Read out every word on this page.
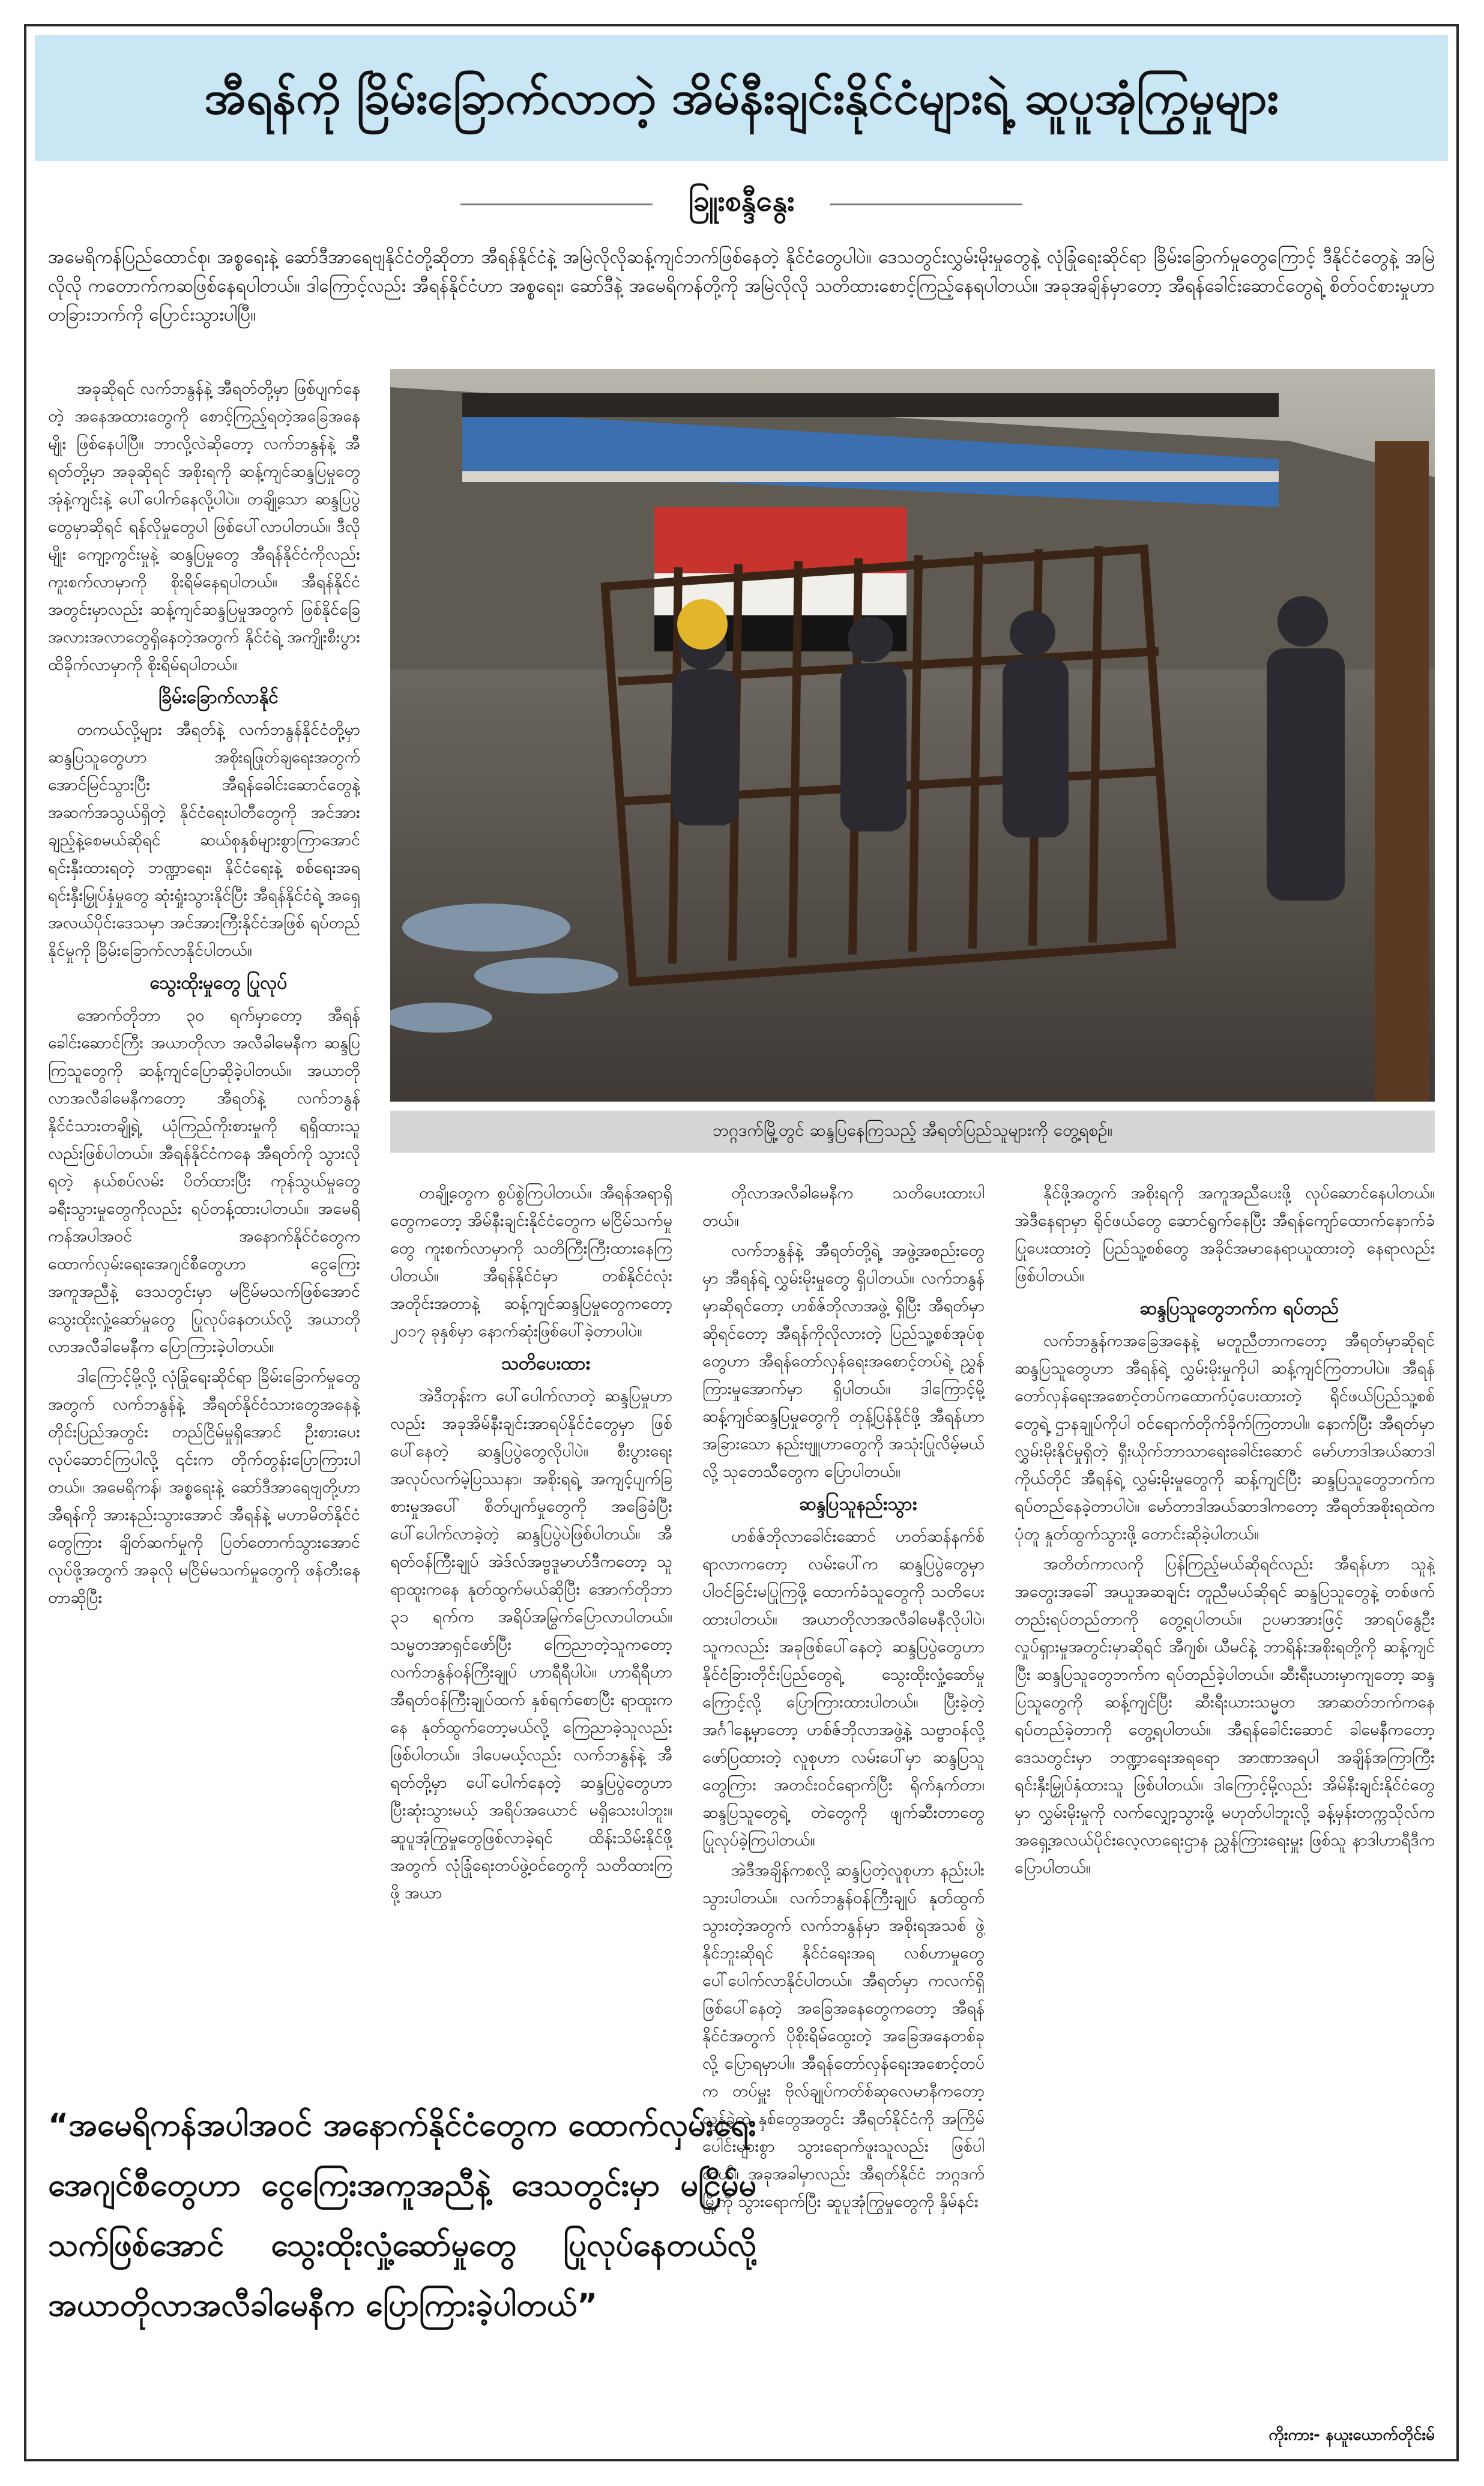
အီရန်ကို ခြိမ်းခြောက်လာတဲ့ အိမ်နီးချင်းနိုင်ငံများရဲ့ ဆူပူအုံကြွမှုများ
ခြူးစန္ဒီနွေး
အမေရိကန်ပြည်ထောင်စု၊ အစ္စရေးနဲ့ ဆော်ဒီအာရေဗျနိုင်ငံတို့ဆိုတာ အီရန်နိုင်ငံနဲ့ အမြဲလိုလိုဆန့်ကျင်ဘက်ဖြစ်နေတဲ့ နိုင်ငံတွေပါပဲ။ ဒေသတွင်းလွှမ်းမိုးမှုတွေနဲ့ လုံခြုံရေးဆိုင်ရာ ခြိမ်းခြောက်မှုတွေကြောင့် ဒီနိုင်ငံတွေနဲ့ အမြဲလိုလို ကတောက်ကဆဖြစ်နေရပါတယ်။ ဒါကြောင့်လည်း အီရန်နိုင်ငံဟာ အစ္စရေး၊ ဆော်ဒီနဲ့ အမေရိကန်တို့ကို အမြဲလိုလို သတိထားစောင့်ကြည့်နေရပါတယ်။ အခုအချိန်မှာတော့ အီရန်ခေါင်းဆောင်တွေရဲ့ စိတ်ဝင်စားမှုဟာ တခြားဘက်ကို ပြောင်းသွားပါပြီ။

အခုဆိုရင် လက်ဘနွန်နဲ့ အီရတ်တို့မှာ ဖြစ်ပျက်နေတဲ့ အနေအထားတွေကို စောင့်ကြည့်ရတဲ့အခြေအနေမျိုး ဖြစ်နေပါပြီ။ ဘာလို့လဲဆိုတော့ လက်ဘနွန်နဲ့ အီရတ်တို့မှာ အခုဆိုရင် အစိုးရကို ဆန့်ကျင်ဆန္ဒပြမှုတွေ အုံနဲ့ကျင်းနဲ့ ပေါ်ပေါက်နေလို့ပါပဲ။ တချို့သော ဆန္ဒပြပွဲတွေမှာဆိုရင် ရန်လိုမှုတွေပါ ဖြစ်ပေါ်လာပါတယ်။ ဒီလိုမျိုး ကျော့ကွင်းမှုနဲ့ ဆန္ဒပြမှုတွေ အီရန်နိုင်ငံကိုလည်း ကူးစက်လာမှာကို စိုးရိမ်နေရပါတယ်။ အီရန်နိုင်ငံအတွင်းမှာလည်း ဆန့်ကျင်ဆန္ဒပြမှုအတွက် ဖြစ်နိုင်ခြေအလားအလာတွေရှိနေတဲ့အတွက် နိုင်ငံရဲ့ အကျိုးစီးပွားထိခိုက်လာမှာကို စိုးရိမ်ရပါတယ်။

ခြိမ်းခြောက်လာနိုင်

တကယ်လို့များ အီရတ်နဲ့ လက်ဘနွန်နိုင်ငံတို့မှာ ဆန္ဒပြသူတွေဟာ အစိုးရဖြုတ်ချရေးအတွက် အောင်မြင်သွားပြီး အီရန်ခေါင်းဆောင်တွေနဲ့ အဆက်အသွယ်ရှိတဲ့ နိုင်ငံရေးပါတီတွေကို အင်အားချည့်နဲ့စေမယ်ဆိုရင် ဆယ်စုနှစ်များစွာကြာအောင် ရင်းနှီးထားရတဲ့ ဘဏ္ဍာရေး၊ နိုင်ငံရေးနဲ့ စစ်ရေးအရ ရင်းနှီးမြှုပ်နှံမှုတွေ ဆုံးရှုံးသွားနိုင်ပြီး အီရန်နိုင်ငံရဲ့ အရှေ့အလယ်ပိုင်းဒေသမှာ အင်အားကြီးနိုင်ငံအဖြစ် ရပ်တည်နိုင်မှုကို ခြိမ်းခြောက်လာနိုင်ပါတယ်။

သွေးထိုးမှုတွေ ပြုလုပ်

အောက်တိုဘာ ၃၀ ရက်မှာတော့ အီရန်ခေါင်းဆောင်ကြီး အယာတိုလာ အလီခါမေနီက ဆန္ဒပြကြသူတွေကို ဆန့်ကျင်ပြောဆိုခဲ့ပါတယ်။ အယာတိုလာအလီခါမေနီကတော့ အီရတ်နဲ့ လက်ဘနွန်နိုင်ငံသားတချို့ရဲ့ ယုံကြည်ကိုးစားမှုကို ရရှိထားသူလည်းဖြစ်ပါတယ်။ အီရန်နိုင်ငံကနေ အီရတ်ကို သွားလိုရတဲ့ နယ်စပ်လမ်း ပိတ်ထားပြီး ကုန်သွယ်မှုတွေ ခရီးသွားမှုတွေကိုလည်း ရပ်တန့်ထားပါတယ်။ အမေရိကန်အပါအဝင် အနောက်နိုင်ငံတွေက ထောက်လှမ်းရေးအေဂျင်စီတွေဟာ ငွေကြေးအကူအညီနဲ့ ဒေသတွင်းမှာ မငြိမ်မသက်ဖြစ်အောင် သွေးထိုးလှုံ့ဆော်မှုတွေ ပြုလုပ်နေတယ်လို့ အယာတိုလာအလီခါမေနီက ပြောကြားခဲ့ပါတယ်။

ဒါကြောင့်မို့လို့ လုံခြုံရေးဆိုင်ရာ ခြိမ်းခြောက်မှုတွေအတွက် လက်ဘနွန်နဲ့ အီရတ်နိုင်ငံသားတွေအနေနဲ့ တိုင်းပြည်အတွင်း တည်ငြိမ်မှုရှိအောင် ဦးစားပေးလုပ်ဆောင်ကြပါလို့ ၎င်းက တိုက်တွန်းပြောကြားပါတယ်။ အမေရိကန်၊ အစ္စရေးနဲ့ ဆော်ဒီအာရေဗျတို့ဟာ အီရန်ကို အားနည်းသွားအောင် အီရန်နဲ့ မဟာမိတ်နိုင်ငံတွေကြား ချိတ်ဆက်မှုကို ပြတ်တောက်သွားအောင် လုပ်ဖို့အတွက် အခုလို မငြိမ်မသက်မှုတွေကို ဖန်တီးနေတာဆိုပြီး

ဘဂ္ဂဒက်မြို့တွင် ဆန္ဒပြနေကြသည့် အီရတ်ပြည်သူများကို တွေ့ရစဉ်။

တချို့တွေက စွပ်စွဲကြပါတယ်။ အီရန်အရာရှိတွေကတော့ အိမ်နီးချင်းနိုင်ငံတွေက မငြိမ်သက်မှုတွေ ကူးစက်လာမှာကို သတိကြီးကြီးထားနေကြပါတယ်။ အီရန်နိုင်ငံမှာ တစ်နိုင်ငံလုံးအတိုင်းအတာနဲ့ ဆန့်ကျင်ဆန္ဒပြမှုတွေကတော့ ၂၀၁၇ ခုနှစ်မှာ နောက်ဆုံးဖြစ်ပေါ်ခဲ့တာပါပဲ။

သတိပေးထား

အဲဒီတုန်းက ပေါ်ပေါက်လာတဲ့ ဆန္ဒပြမှုဟာလည်း အခုအိမ်နီးချင်းအာရပ်နိုင်ငံတွေမှာ ဖြစ်ပေါ်နေတဲ့ ဆန္ဒပြပွဲတွေလိုပါပဲ။ စီးပွားရေး အလုပ်လက်မဲ့ပြဿနာ၊ အစိုးရရဲ့ အကျင့်ပျက်ခြစားမှုအပေါ် စိတ်ပျက်မှုတွေကို အခြေခံပြီး ပေါ်ပေါက်လာခဲ့တဲ့ ဆန္ဒပြပွဲပဲဖြစ်ပါတယ်။ အီရတ်ဝန်ကြီးချုပ် အဲဒ်လ်အဗ္ဗဒူမာဟ်ဒီကတော့ သူ ရာထူးကနေ နုတ်ထွက်မယ်ဆိုပြီး အောက်တိုဘာ ၃၁ ရက်က အရိပ်အမြွက်ပြောလာပါတယ်။ သမ္မတအာရှင်ဖော်ပြီး ကြေညာတဲ့သူကတော့ လက်ဘနွန်ဝန်ကြီးချုပ် ဟာရီရီပါပဲ။ ဟာရီရီဟာ အီရတ်ဝန်ကြီးချုပ်ထက် နှစ်ရက်စောပြီး ရာထူးကနေ နုတ်ထွက်တော့မယ်လို့ ကြေညာခဲ့သူလည်း ဖြစ်ပါတယ်။ ဒါပေမယ့်လည်း လက်ဘနွန်နဲ့ အီရတ်တို့မှာ ပေါ်ပေါက်နေတဲ့ ဆန္ဒပြပွဲတွေဟာ ပြီးဆုံးသွားမယ့် အရိပ်အယောင် မရှိသေးပါဘူး။ ဆူပူအုံကြွမှုတွေဖြစ်လာခဲ့ရင် ထိန်းသိမ်းနိုင်ဖို့အတွက် လုံခြုံရေးတပ်ဖွဲ့ဝင်တွေကို သတိထားကြဖို့ အယာ

တိုလာအလီခါမေနီက သတိပေးထားပါတယ်။

လက်ဘနွန်နဲ့ အီရတ်တို့ရဲ့ အဖွဲ့အစည်းတွေမှာ အီရန်ရဲ့ လွှမ်းမိုးမှုတွေ ရှိပါတယ်။ လက်ဘနွန်မှာဆိုရင်တော့ ဟစ်ဇ်ဘိုလာအဖွဲ့ ရှိပြီး အီရတ်မှာဆိုရင်တော့ အီရန်ကိုလိုလားတဲ့ ပြည်သူ့စစ်အုပ်စုတွေဟာ အီရန်တော်လှန်ရေးအစောင့်တပ်ရဲ့ ညွှန်ကြားမှုအောက်မှာ ရှိပါတယ်။ ဒါကြောင့်မို့ ဆန့်ကျင်ဆန္ဒပြမှုတွေကို တုန့်ပြန်နိုင်ဖို့ အီရန်ဟာ အခြားသော နည်းဗျူဟာတွေကို အသုံးပြုလိမ့်မယ်လို့ သုတေသီတွေက ပြောပါတယ်။

ဆန္ဒပြသူနည်းသွား

ဟစ်ဇ်ဘိုလာခေါင်းဆောင် ဟတ်ဆန်နက်စ်ရာလာကတော့ လမ်းပေါ်က ဆန္ဒပြပွဲတွေမှာ ပါဝင်ခြင်းမပြုကြဖို့ ထောက်ခံသူတွေကို သတိပေးထားပါတယ်။ အယာတိုလာအလီခါမေနီလိုပါပဲ၊ သူကလည်း အခုဖြစ်ပေါ်နေတဲ့ ဆန္ဒပြပွဲတွေဟာ နိုင်ငံခြားတိုင်းပြည်တွေရဲ့ သွေးထိုးလှုံ့ဆော်မှုကြောင့်လို့ ပြောကြားထားပါတယ်။ ပြီးခဲ့တဲ့အင်္ဂါနေ့မှာတော့ ဟစ်ဇ်ဘိုလာအဖွဲ့နဲ့ သဗ္ဗာဝန်လို့ ဖော်ပြထားတဲ့ လူစုဟာ လမ်းပေါ်မှာ ဆန္ဒပြသူတွေကြား အတင်းဝင်ရောက်ပြီး ရိုက်နှက်တာ၊ ဆန္ဒပြသူတွေရဲ့ တဲတွေကို ဖျက်ဆီးတာတွေ ပြုလုပ်ခဲ့ကြပါတယ်။

အဲဒီအချိန်ကစလို့ ဆန္ဒပြတဲ့လူစုဟာ နည်းပါးသွားပါတယ်။ လက်ဘနွန်ဝန်ကြီးချုပ် နုတ်ထွက်သွားတဲ့အတွက် လက်ဘနွန်မှာ အစိုးရအသစ် ဖွဲ့နိုင်ဘူးဆိုရင် နိုင်ငံရေးအရ လစ်ဟာမှုတွေ ပေါ်ပေါက်လာနိုင်ပါတယ်။ အီရတ်မှာ ကလက်ရှိဖြစ်ပေါ်နေတဲ့ အခြေအနေတွေကတော့ အီရန်နိုင်ငံအတွက် ပိုစိုးရိမ်ထွေးတဲ့ အခြေအနေတစ်ခုလို့ ပြောရမှာပါ။ အီရန်တော်လှန်ရေးအစောင့်တပ်က တပ်မှူး ဗိုလ်ချုပ်ကတ်စ်ဆုလေမာနီကတော့ လွန်ခဲ့တဲ့ နှစ်တွေအတွင်း အီရတ်နိုင်ငံကို အကြိမ်ပေါင်းများစွာ သွားရောက်ဖူးသူလည်း ဖြစ်ပါတယ်။ အခုအခါမှာလည်း အီရတ်နိုင်ငံ ဘဂ္ဂဒက်မြို့ကို သွားရောက်ပြီး ဆူပူအုံကြွမှုတွေကို နှိမ်နင်း

နိုင်ဖို့အတွက် အစိုးရကို အကူအညီပေးဖို့ လုပ်ဆောင်နေပါတယ်။ အဲဒီနေရာမှာ ရိုင်ဖယ်တွေ ဆောင်ရွက်နေပြီး အီရန်ကျော်ထောက်နောက်ခံပြုပေးထားတဲ့ ပြည်သူ့စစ်တွေ အခိုင်အမာနေရာယူထားတဲ့ နေရာလည်း ဖြစ်ပါတယ်။

ဆန္ဒပြသူတွေဘက်က ရပ်တည်

လက်ဘနွန်ကအခြေအနေနဲ့ မတူညီတာကတော့ အီရတ်မှာဆိုရင် ဆန္ဒပြသူတွေဟာ အီရန်ရဲ့ လွှမ်းမိုးမှုကိုပါ ဆန့်ကျင်ကြတာပါပဲ။ အီရန်တော်လှန်ရေးအစောင့်တပ်ကထောက်ပံ့ပေးထားတဲ့ ရိုင်ဖယ်ပြည်သူ့စစ်တွေရဲ့ ဌာနချုပ်ကိုပါ ဝင်ရောက်တိုက်ခိုက်ကြတာပါ။ နောက်ပြီး အီရတ်မှာ လွှမ်းမိုးနိုင်မှုရှိတဲ့ ရှီးယိုက်ဘာသာရေးခေါင်းဆောင် မော်ဟာဒါအယ်ဆာဒါကိုယ်တိုင် အီရန်ရဲ့ လွှမ်းမိုးမှုတွေကို ဆန့်ကျင်ပြီး ဆန္ဒပြသူတွေဘက်က ရပ်တည်နေခဲ့တာပါပဲ။ မော်တာဒါအယ်ဆာဒါကတော့ အီရတ်အစိုးရထဲက ပုံတူ နှုတ်ထွက်သွားဖို့ တောင်းဆိုခဲ့ပါတယ်။

အတိတ်ကာလကို ပြန်ကြည့်မယ်ဆိုရင်လည်း အီရန်ဟာ သူနဲ့ အတွေးအခေါ် အယူအဆချင်း တူညီမယ်ဆိုရင် ဆန္ဒပြသူတွေနဲ့ တစ်ဖက်တည်းရပ်တည်တာကို တွေ့ရပါတယ်။ ဥပမာအားဖြင့် အာရပ်နွေဦးလှုပ်ရှားမှုအတွင်းမှာဆိုရင် အီဂျစ်၊ ယီမင်နဲ့ ဘာရိန်းအစိုးရတို့ကို ဆန့်ကျင်ပြီး ဆန္ဒပြသူတွေဘက်က ရပ်တည်ခဲ့ပါတယ်။ ဆီးရီးယားမှာကျတော့ ဆန္ဒပြသူတွေကို ဆန့်ကျင်ပြီး ဆီးရီးယားသမ္မတ အာဆတ်ဘက်ကနေ ရပ်တည်ခဲ့တာကို တွေ့ရပါတယ်။ အီရန်ခေါင်းဆောင် ခါမေနီကတော့ ဒေသတွင်းမှာ ဘဏ္ဍာရေးအရရော အာဏာအရပါ အချိန်အကြာကြီး ရင်းနှီးမြှုပ်နှံထားသူ ဖြစ်ပါတယ်။ ဒါကြောင့်မို့လည်း အိမ်နီးချင်းနိုင်ငံတွေမှာ လွှမ်းမိုးမှုကို လက်လျှော့သွားဖို့ မဟုတ်ပါဘူးလို့ ခန့်မှန်းတက္ကသိုလ်က အရှေ့အလယ်ပိုင်းလေ့လာရေးဌာန ညွှန်ကြားရေးမှူး ဖြစ်သူ နာဒါဟာရီဒီက ပြောပါတယ်။

“အမေရိကန်အပါအဝင် အနောက်နိုင်ငံတွေက ထောက်လှမ်းရေးအေဂျင်စီတွေဟာ ငွေကြေးအကူအညီနဲ့ ဒေသတွင်းမှာ မငြိမ်မသက်ဖြစ်အောင် သွေးထိုးလှုံ့ဆော်မှုတွေ ပြုလုပ်နေတယ်လို့ အယာတိုလာအလီခါမေနီက ပြောကြားခဲ့ပါတယ်”
ကိုးကား- နယူးယောက်တိုင်းမ်
